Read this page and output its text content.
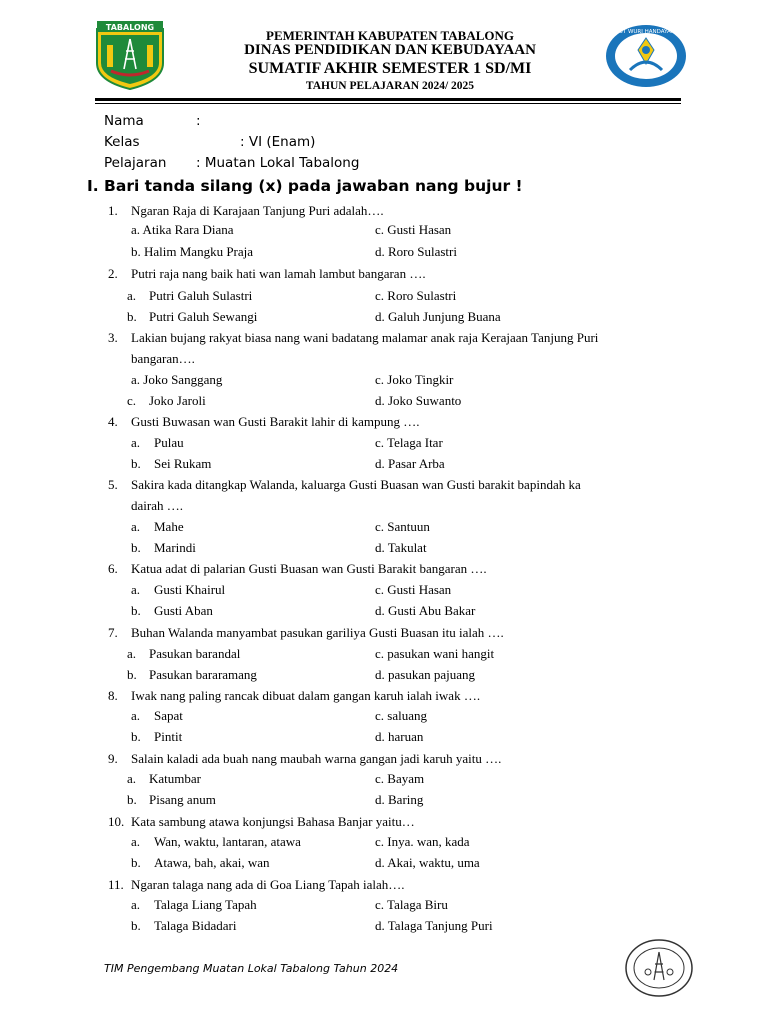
TABALONG	TUT WURI HANDAYANI
PEMERINTAH KABUPATEN TABALONG
DINAS PENDIDIKAN DAN KEBUDAYAAN
SUMATIF AKHIR SEMESTER 1 SD/MI
TAHUN PELAJARAN 2024/ 2025
Nama	:
Kelas	: VI (Enam)
Pelajaran : Muatan Lokal Tabalong
I. Bari tanda silang (x) pada jawaban nang bujur !
1. Ngaran Raja di Karajaan Tanjung Puri adalah….
a. Atika Rara Diana	c. Gusti Hasan
b. Halim Mangku Praja	d. Roro Sulastri
2. Putri raja nang baik hati wan lamah lambut bangaran ….
a. Putri Galuh Sulastri	c. Roro Sulastri
b. Putri Galuh Sewangi	d. Galuh Junjung Buana
3. Lakian bujang rakyat biasa nang wani badatang malamar anak raja Kerajaan Tanjung Puri
bangaran….
a. Joko Sanggang	c. Joko Tingkir
c. Joko Jaroli	d. Joko Suwanto
4. Gusti Buwasan wan Gusti Barakit lahir di kampung ….
a. Pulau	c. Telaga Itar
b. Sei Rukam	d. Pasar Arba
5. Sakira kada ditangkap Walanda, kaluarga Gusti Buasan wan Gusti barakit bapindah ka
dairah ….
a. Mahe	c. Santuun
b. Marindi	d. Takulat
6. Katua adat di palarian Gusti Buasan wan Gusti Barakit bangaran ….
a. Gusti Khairul	c. Gusti Hasan
b. Gusti Aban	d. Gusti Abu Bakar
7. Buhan Walanda manyambat pasukan gariliya Gusti Buasan itu ialah ….
a. Pasukan barandal	c. pasukan wani hangit
b. Pasukan bararamang	d. pasukan pajuang
8. Iwak nang paling rancak dibuat dalam gangan karuh ialah iwak ….
a. Sapat	c. saluang
b. Pintit	d. haruan
9. Salain kaladi ada buah nang maubah warna gangan jadi karuh yaitu ….
a. Katumbar	c. Bayam
b. Pisang anum	d. Baring
10. Kata sambung atawa konjungsi Bahasa Banjar yaitu…
a. Wan, waktu, lantaran, atawa	c. Inya. wan, kada
b. Atawa, bah, akai, wan	d. Akai, waktu, uma
11. Ngaran talaga nang ada di Goa Liang Tapah ialah….
a. Talaga Liang Tapah	c. Talaga Biru
b. Talaga Bidadari	d. Talaga Tanjung Puri
TIM Pengembang Muatan Lokal Tabalong Tahun 2024
